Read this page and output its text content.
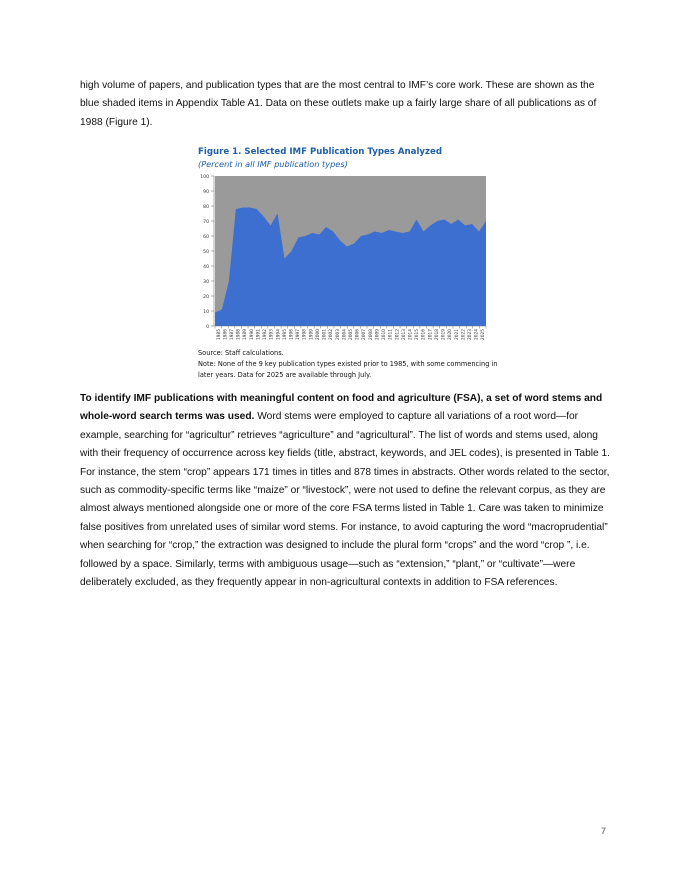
high volume of papers, and publication types that are the most central to IMF’s core work. These are shown as the blue shaded items in Appendix Table A1. Data on these outlets make up a fairly large share of all publications as of 1988 (Figure 1).

Figure 1. Selected IMF Publication Types Analyzed
(Percent in all IMF publication types)
0
10
20
30
40
50
60
70
80
90
100
1985 1986 1987 1988 1989 1990 1991 1992 1993 1994 1995 1996 1997 1998 1999 2000 2001 2002 2003 2004 2005 2006 2007 2008 2009 2010 2011 2012 2013 2014 2015 2016 2017 2018 2019 2020 2021 2022 2023 2024 2025
Source: Staff calculations.
Note: None of the 9 key publication types existed prior to 1985, with some commencing in later years. Data for 2025 are available through July.

To identify IMF publications with meaningful content on food and agriculture (FSA), a set of word stems and whole-word search terms was used. Word stems were employed to capture all variations of a root word—for example, searching for “agricultur” retrieves “agriculture” and “agricultural”. The list of words and stems used, along with their frequency of occurrence across key fields (title, abstract, keywords, and JEL codes), is presented in Table 1. For instance, the stem “crop” appears 171 times in titles and 878 times in abstracts. Other words related to the sector, such as commodity-specific terms like “maize” or “livestock”, were not used to define the relevant corpus, as they are almost always mentioned alongside one or more of the core FSA terms listed in Table 1. Care was taken to minimize false positives from unrelated uses of similar word stems. For instance, to avoid capturing the word “macroprudential” when searching for “crop,” the extraction was designed to include the plural form “crops” and the word “crop ”, i.e. followed by a space. Similarly, terms with ambiguous usage—such as “extension,” “plant,” or “cultivate”—were deliberately excluded, as they frequently appear in non-agricultural contexts in addition to FSA references.

7
